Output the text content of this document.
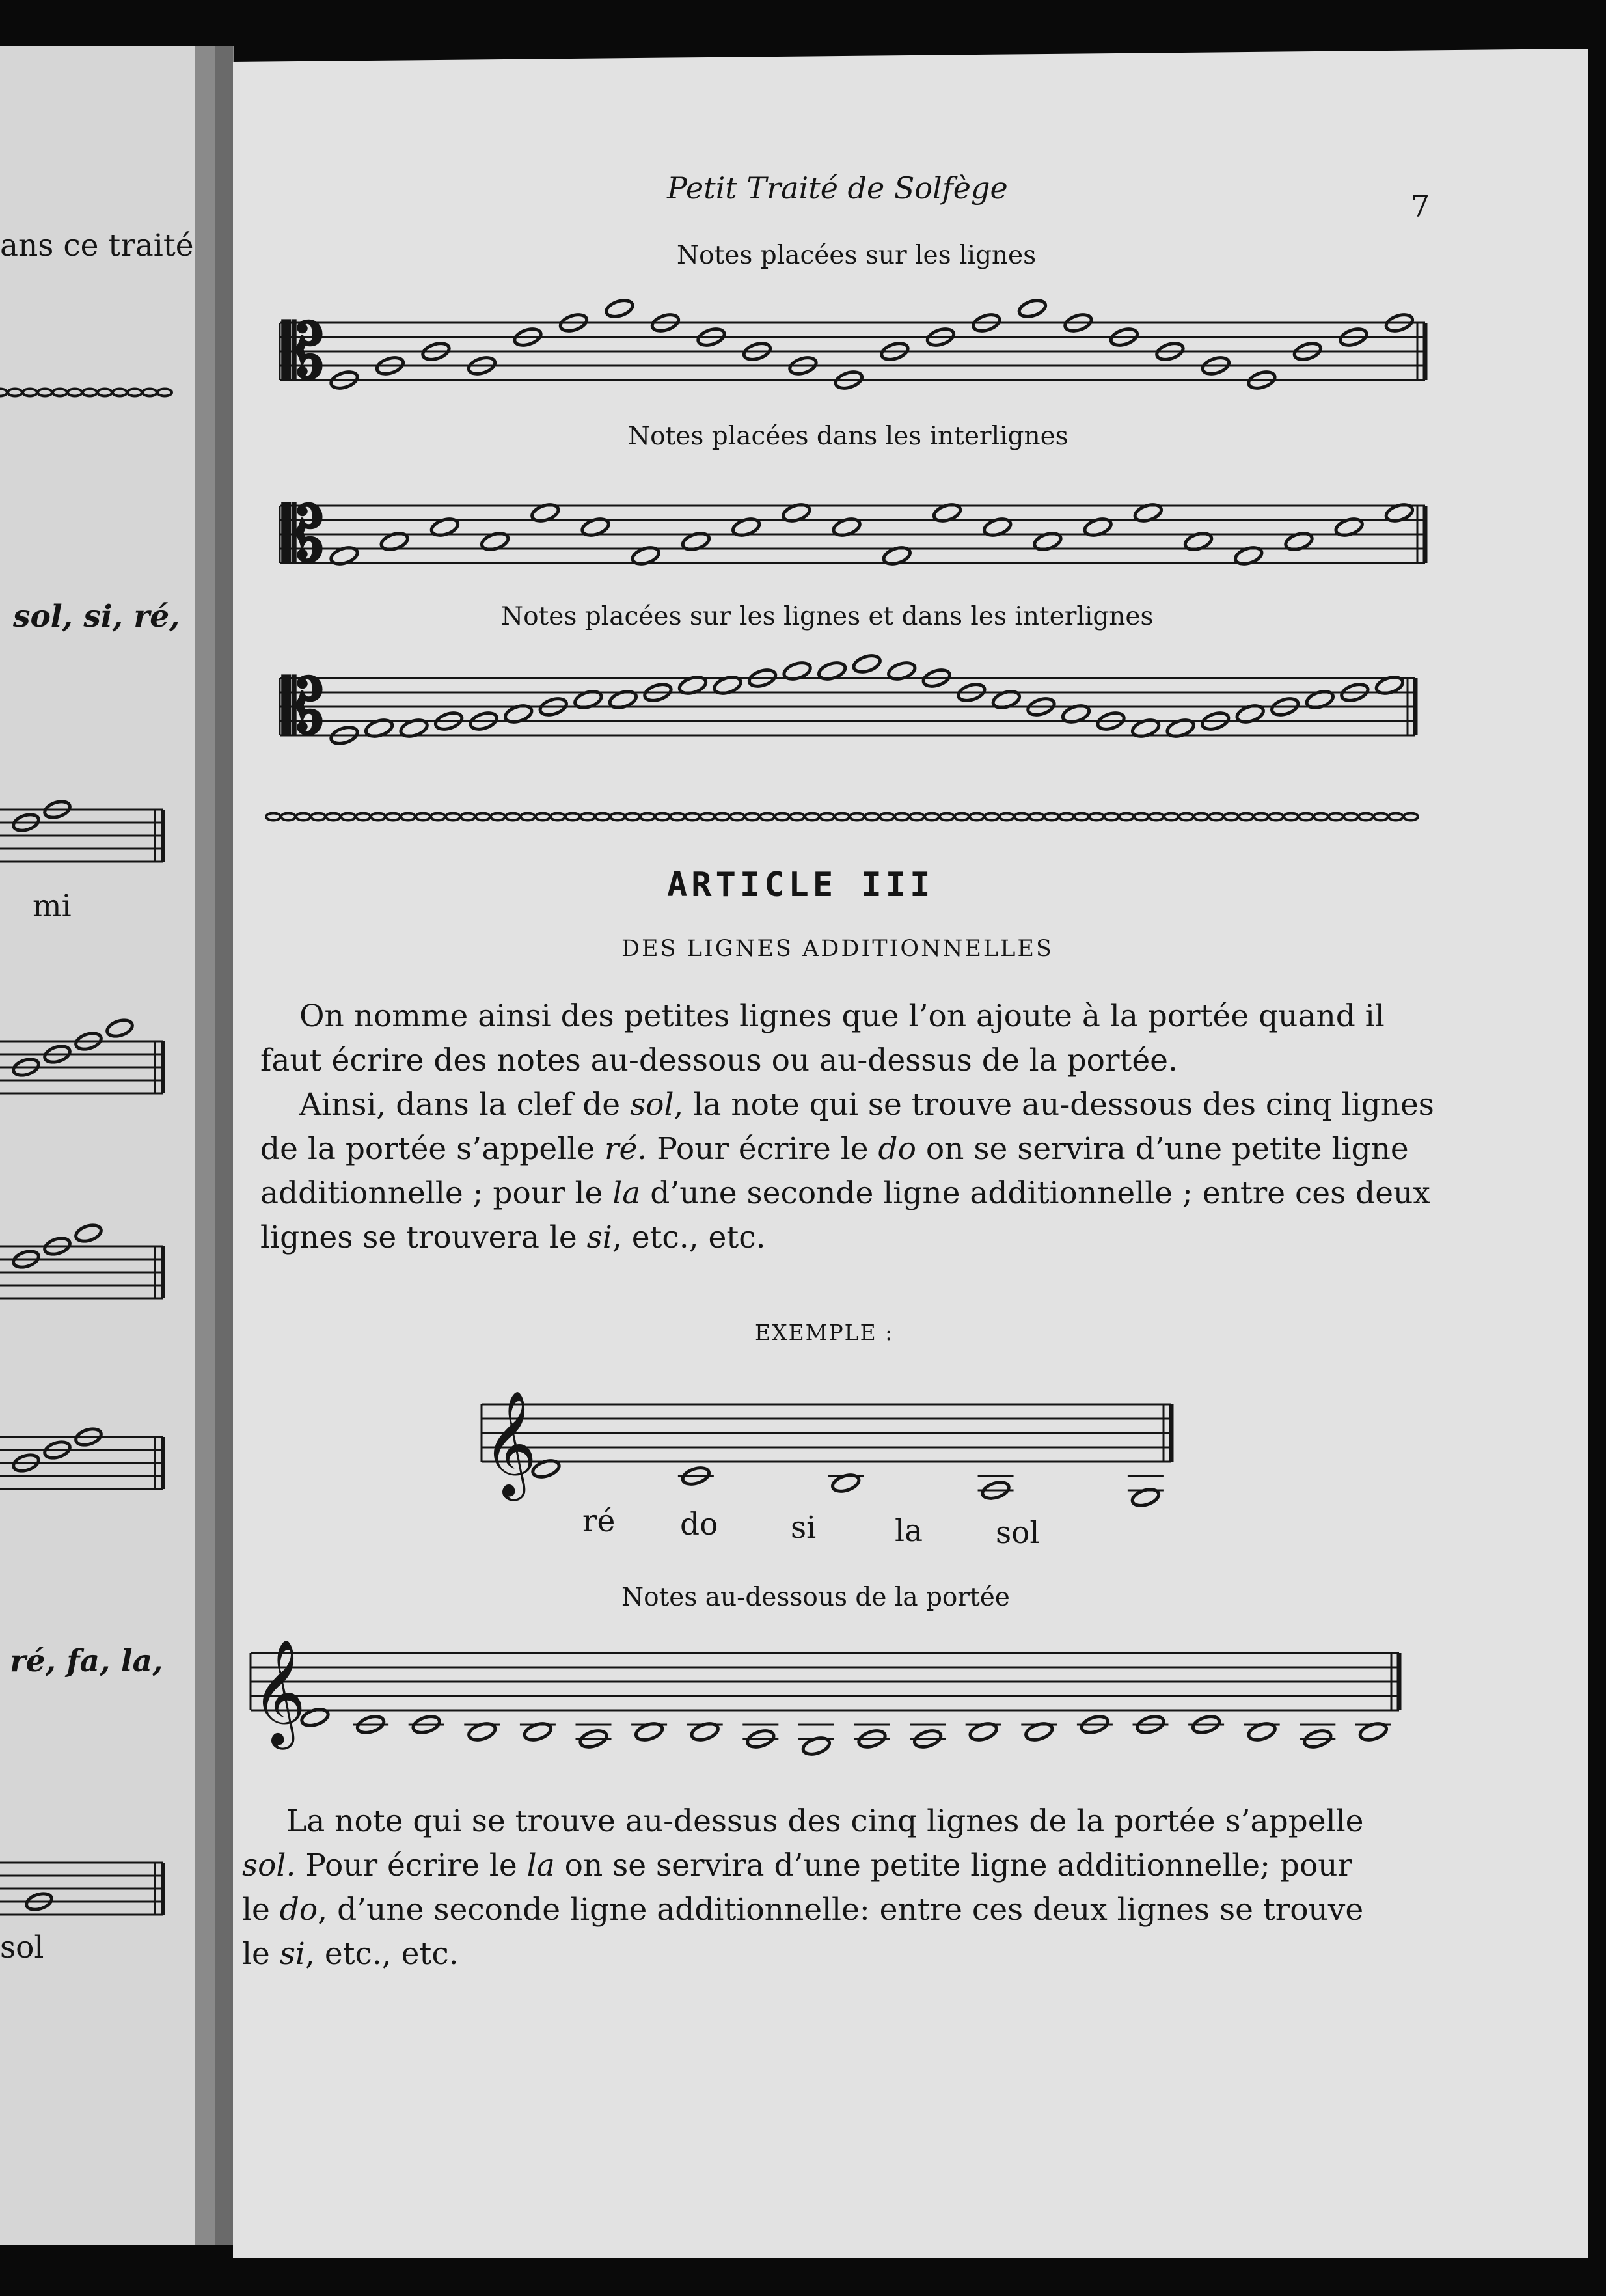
𝄡
𝄡
𝄡
𝄞
𝄞
Petit Traité de Solfège
7
ans ce traité
sol, si, ré,
mi
ré, fa, la,
sol
Notes placées sur les lignes
Notes placées dans les interlignes
Notes placées sur les lignes et dans les interlignes
ARTICLE III
DES LIGNES ADDITIONNELLES
On nomme ainsi des petites lignes que l’on ajoute à la portée quand il
faut écrire des notes au-dessous ou au-dessus de la portée.
Ainsi, dans la clef de sol, la note qui se trouve au-dessous des cinq lignes
de la portée s’appelle ré. Pour écrire le do on se servira d’une petite ligne
additionnelle ; pour le la d’une seconde ligne additionnelle ; entre ces deux
lignes se trouvera le si, etc., etc.
EXEMPLE :
ré do si	la sol
Notes au-dessous de la portée
La note qui se trouve au-dessus des cinq lignes de la portée s’appelle
sol. Pour écrire le la on se servira d’une petite ligne additionnelle; pour
le do, d’une seconde ligne additionnelle: entre ces deux lignes se trouve
le si, etc., etc.
